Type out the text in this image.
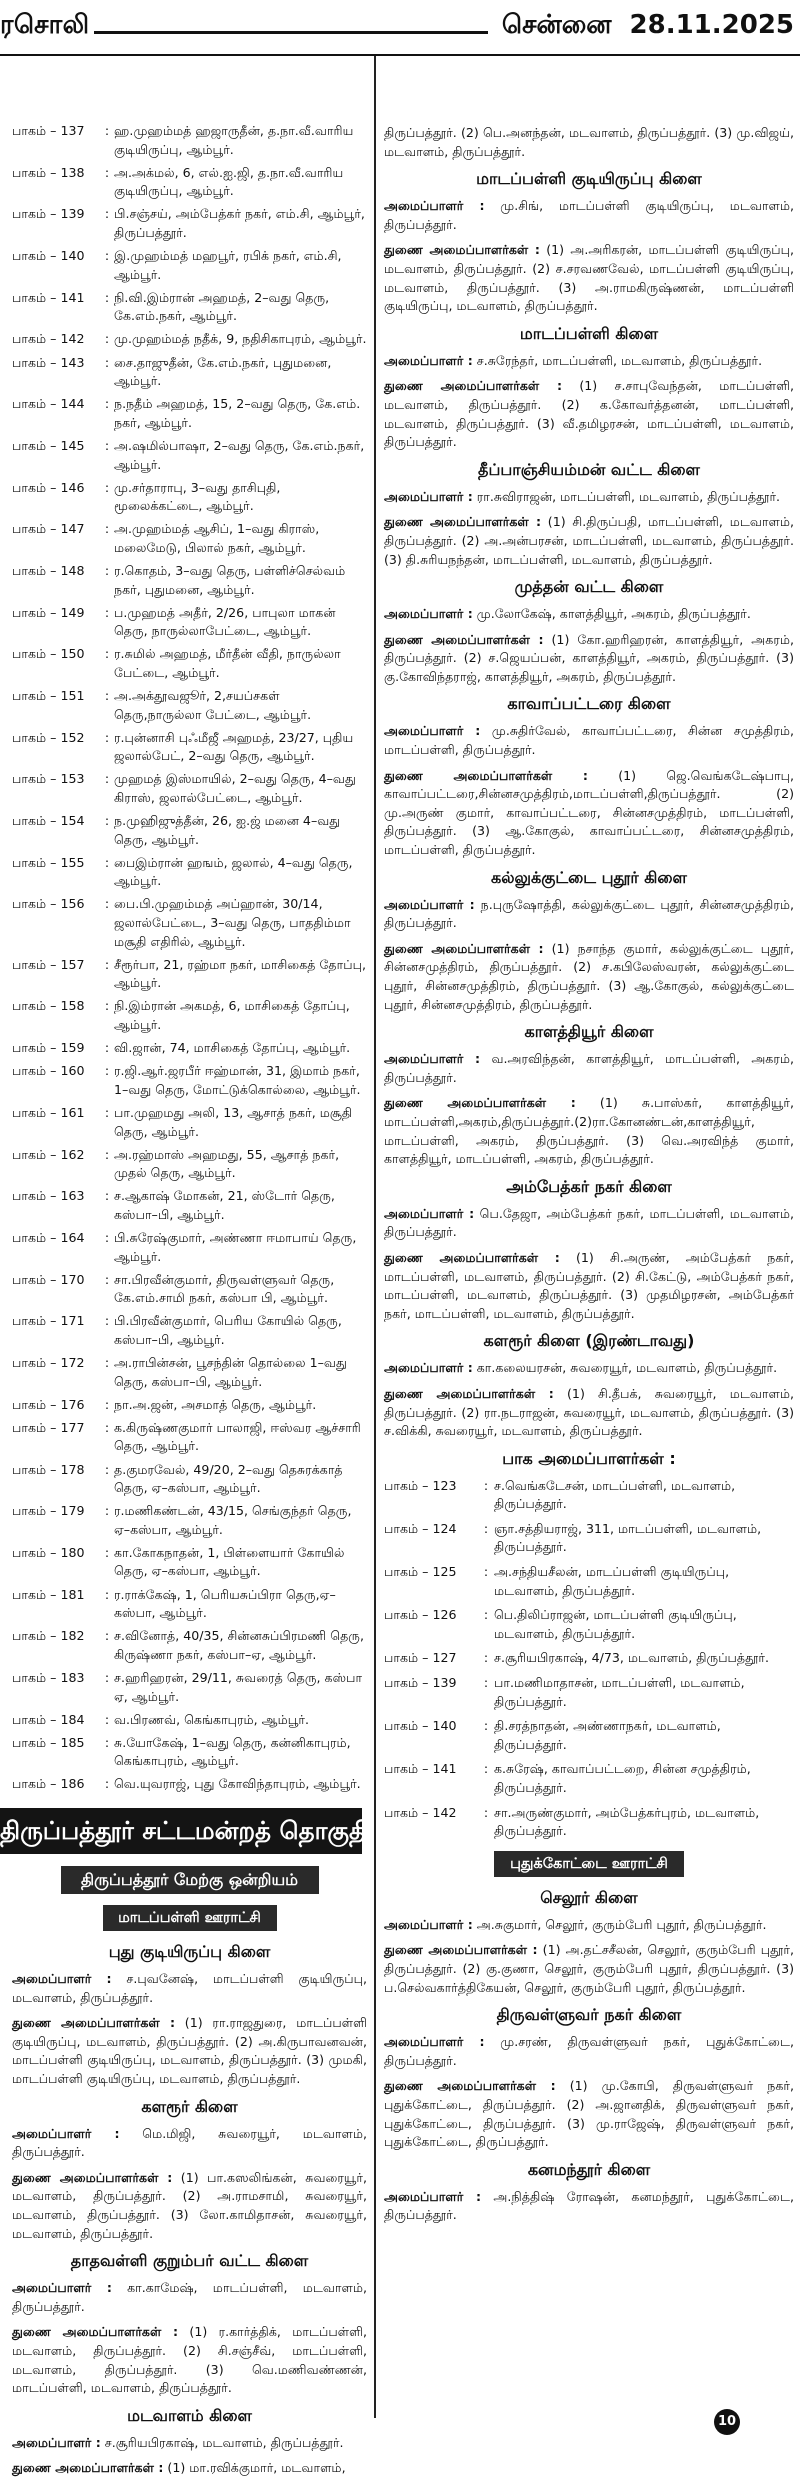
ரசொலி	சென்னை 28.11.2025
பாகம் – 137	: ஹ.முஹம்மத் ஹஜாருதீன், த.நா.வீ.வாரிய குடியிருப்பு, ஆம்பூர்.
பாகம் – 138	: அ.அக்மல், 6, எல்.ஐ.ஜி, த.நா.வீ.வாரிய குடியிருப்பு, ஆம்பூர்.
பாகம் – 139	: பி.சஞ்சய், அம்பேத்கர் நகர், எம்.சி, ஆம்பூர், திருப்பத்தூர்.
பாகம் – 140	: இ.முஹம்மத் மஹபூர், ரபிக் நகர், எம்.சி, ஆம்பூர்.
பாகம் – 141	: நி.வி.இம்ரான் அஹமத், 2–வது தெரு, கே.எம்.நகர், ஆம்பூர்.
பாகம் – 142	: மு.முஹம்மத் நதீக், 9, நதிசிகாபுரம், ஆம்பூர்.
பாகம் – 143	: சை.தாஜுதீன், கே.எம்.நகர், புதுமனை, ஆம்பூர்.
பாகம் – 144	: ந.நதீம் அஹமத், 15, 2–வது தெரு, கே.எம். நகர், ஆம்பூர்.
பாகம் – 145	: அ.ஷமில்பாஷா, 2–வது தெரு, கே.எம்.நகர், ஆம்பூர்.
பாகம் – 146	: மு.சர்தாராபு, 3–வது தாசிபுதி, மூலைக்கட்டை, ஆம்பூர்.
பாகம் – 147	: அ.முஹம்மத் ஆசிப், 1–வது கிராஸ், மலைமேடு, பிலால் நகர், ஆம்பூர்.
பாகம் – 148	: ர.கொதம், 3–வது தெரு, பள்ளிச்செல்வம் நகர், புதுமனை, ஆம்பூர்.
பாகம் – 149	: ப.முஹமத் அதீர், 2/26, பாபுலா மாகன் தெரு, நாருல்லாபேட்டை, ஆம்பூர்.
பாகம் – 150	: ர.சுமில் அஹமத், மீர்தீன் வீதி, நாருல்லா பேட்டை, ஆம்பூர்.
பாகம் – 151	: அ.அக்தூவஜூர், 2,சயப்சகள் தெரு,நாருல்லா பேட்டை, ஆம்பூர்.
பாகம் – 152	: ர.புன்னாசி புஃமீஜீ அஹமத், 23/27, புதிய ஜலால்பேட், 2–வது தெரு, ஆம்பூர்.
பாகம் – 153	: முஹமத் இஸ்மாயில், 2–வது தெரு, 4–வது கிராஸ், ஜலால்பேட்டை, ஆம்பூர்.
பாகம் – 154	: ந.முஹிஜுத்தீன், 26, ஐ.ஜ் மனை 4–வது தெரு, ஆம்பூர்.
பாகம் – 155	: பைஇம்ரான் ஹஙம், ஜலால், 4–வது தெரு, ஆம்பூர்.
பாகம் – 156	: பை.பி.முஹம்மத் அப்ஹான், 30/14, ஜலால்பேட்டை, 3–வது தெரு, பாததிம்மா மசூதி எதிரில், ஆம்பூர்.
பாகம் – 157	: சீரூர்பா, 21, ரஹ்மா நகர், மாசிகைத் தோப்பு, ஆம்பூர்.
பாகம் – 158	: நி.இம்ரான் அகமத், 6, மாசிகைத் தோப்பு, ஆம்பூர்.
பாகம் – 159	: வி.ஜான், 74, மாசிகைத் தோப்பு, ஆம்பூர்.
பாகம் – 160	: ர.ஜி.ஆர்.ஜரபீர் ஈஹ்மான், 31, இமாம் நகர், 1–வது தெரு, மோட்டுக்கொல்லை, ஆம்பூர்.
பாகம் – 161	: பா.முஹமது அலி, 13, ஆசாத் நகர், மசூதி தெரு, ஆம்பூர்.
பாகம் – 162	: அ.ரஹ்மாஸ் அஹமது, 55, ஆசாத் நகர், முதல் தெரு, ஆம்பூர்.
பாகம் – 163	: ச.ஆகாஷ் மோகன், 21, ஸ்டோர் தெரு, கஸ்பா–பி, ஆம்பூர்.
பாகம் – 164	: பி.சுரேஷ்குமார், அண்ணா ஈமாபாய் தெரு, ஆம்பூர்.
பாகம் – 170	: சா.பிரவீன்குமார், திருவள்ளுவர் தெரு, கே.எம்.சாமி நகர், கஸ்பா பி, ஆம்பூர்.
பாகம் – 171	: பி.பிரவீன்குமார், பெரிய கோயில் தெரு, கஸ்பா–பி, ஆம்பூர்.
பாகம் – 172	: அ.ராபின்சன், பூசந்தின் தொல்லை 1–வது தெரு, கஸ்பா–பி, ஆம்பூர்.
பாகம் – 176	: நா.அ.ஜன், அசமாத் தெரு, ஆம்பூர்.
பாகம் – 177	: க.கிருஷ்ணகுமார் பாலாஜி, ஈஸ்வர ஆச்சாரி தெரு, ஆம்பூர்.
பாகம் – 178	: த.குமரவேல், 49/20, 2–வது தெசுரக்காத் தெரு, ஏ–கஸ்பா, ஆம்பூர்.
பாகம் – 179	: ர.மணிகண்டன், 43/15, செங்குந்தர் தெரு, ஏ–கஸ்பா, ஆம்பூர்.
பாகம் – 180	: கா.கோகநாதன், 1, பிள்ளையார் கோயில் தெரு, ஏ–கஸ்பா, ஆம்பூர்.
பாகம் – 181	: ர.ராக்கேஷ், 1, பெரியசுப்பிரா தெரு,ஏ–கஸ்பா, ஆம்பூர்.
பாகம் – 182	: ச.வினோத், 40/35, சின்னசுப்பிரமணி தெரு, கிருஷ்ணா நகர், கஸ்பா–ஏ, ஆம்பூர்.
பாகம் – 183	: ச.ஹரிஹரன், 29/11, சுவரைத் தெரு, கஸ்பா ஏ, ஆம்பூர்.
பாகம் – 184	: வ.பிரணவ், கெங்காபுரம், ஆம்பூர்.
பாகம் – 185	: சு.யோகேஷ், 1–வது தெரு, கன்னிகாபுரம், கெங்காபுரம், ஆம்பூர்.
பாகம் – 186	: வெ.யுவராஜ், புது கோவிந்தாபுரம், ஆம்பூர்.
திருப்பத்தூர் சட்டமன்றத் தொகுதி
திருப்பத்தூர் மேற்கு ஒன்றியம்
மாடப்பள்ளி ஊராட்சி
புது குடியிருப்பு கிளை
அமைப்பாளர் : ச.புவனேஷ், மாடப்பள்ளி குடியிருப்பு, மடவாளம், திருப்பத்தூர்.
துணை அமைப்பாளர்கள் : (1) ரா.ராஜதுரை, மாடப்பள்ளி குடியிருப்பு, மடவாளம், திருப்பத்தூர். (2) அ.கிருபாவனவன், மாடப்பள்ளி குடியிருப்பு, மடவாளம், திருப்பத்தூர். (3) முமகி, மாடப்பள்ளி குடியிருப்பு, மடவாளம், திருப்பத்தூர்.
களரூர் கிளை
அமைப்பாளர் : மெ.மிஜி, சுவரையூர், மடவாளம், திருப்பத்தூர்.
துணை அமைப்பாளர்கள் : (1) பா.கஸலிங்கன், சுவரையூர், மடவாளம், திருப்பத்தூர். (2) அ.ராமசாமி, சுவரையூர், மடவாளம், திருப்பத்தூர். (3) லோ.காமிதாசன், சுவரையூர், மடவாளம், திருப்பத்தூர்.
தாதவள்ளி குறும்பர் வட்ட கிளை
அமைப்பாளர் : கா.காமேஷ், மாடப்பள்ளி, மடவாளம், திருப்பத்தூர்.
துணை அமைப்பாளர்கள் : (1) ர.கார்த்திக், மாடப்பள்ளி, மடவாளம், திருப்பத்தூர். (2) சி.சஞ்சீவ், மாடப்பள்ளி, மடவாளம், திருப்பத்தூர். (3) வெ.மணிவண்ணன், மாடப்பள்ளி, மடவாளம், திருப்பத்தூர்.
மடவாளம் கிளை
அமைப்பாளர் : ச.சூரியபிரகாஷ், மடவாளம், திருப்பத்தூர்.
துணை அமைப்பாளர்கள் : (1) மா.ரவிக்குமார், மடவாளம்,
திருப்பத்தூர். (2) பெ.அனந்தன், மடவாளம், திருப்பத்தூர். (3) மு.விஜய், மடவாளம், திருப்பத்தூர்.
மாடப்பள்ளி குடியிருப்பு கிளை
அமைப்பாளர் : மு.சிங், மாடப்பள்ளி குடியிருப்பு, மடவாளம், திருப்பத்தூர்.
துணை அமைப்பாளர்கள் : (1) அ.அரிகரன், மாடப்பள்ளி குடியிருப்பு, மடவாளம், திருப்பத்தூர். (2) ச.சரவணவேல், மாடப்பள்ளி குடியிருப்பு, மடவாளம், திருப்பத்தூர். (3) அ.ராமகிருஷ்ணன், மாடப்பள்ளி குடியிருப்பு, மடவாளம், திருப்பத்தூர்.
மாடப்பள்ளி கிளை
அமைப்பாளர் : ச.சுரேந்தர், மாடப்பள்ளி, மடவாளம், திருப்பத்தூர்.
துணை அமைப்பாளர்கள் : (1) ச.சாபுவேந்தன், மாடப்பள்ளி, மடவாளம், திருப்பத்தூர். (2) க.கோவர்த்தனன், மாடப்பள்ளி, மடவாளம், திருப்பத்தூர். (3) வீ.தமிழரசன், மாடப்பள்ளி, மடவாளம், திருப்பத்தூர்.
தீப்பாஞ்சியம்மன் வட்ட கிளை
அமைப்பாளர் : ரா.சுவிராஜன், மாடப்பள்ளி, மடவாளம், திருப்பத்தூர்.
துணை அமைப்பாளர்கள் : (1) சி.திருப்பதி, மாடப்பள்ளி, மடவாளம், திருப்பத்தூர். (2) அ.அன்பரசன், மாடப்பள்ளி, மடவாளம், திருப்பத்தூர். (3) தி.சுரியநந்தன், மாடப்பள்ளி, மடவாளம், திருப்பத்தூர்.
முத்தன் வட்ட கிளை
அமைப்பாளர் : மு.லோகேஷ், காளத்தியூர், அகரம், திருப்பத்தூர்.
துணை அமைப்பாளர்கள் : (1) கோ.ஹரிஹரன், காளத்தியூர், அகரம், திருப்பத்தூர். (2) ச.ஜெயப்பன், காளத்தியூர், அகரம், திருப்பத்தூர். (3) கு.கோவிந்தராஜ், காளத்தியூர், அகரம், திருப்பத்தூர்.
காவாப்பட்டரை கிளை
அமைப்பாளர் : மு.சுதிர்வேல், காவாப்பட்டரை, சின்ன சமுத்திரம், மாடப்பள்ளி, திருப்பத்தூர்.
துணை அமைப்பாளர்கள் : (1) ஜெ.வெங்கடேஷ்பாபு, காவாப்பட்டரை,சின்னசமுத்திரம்,மாடப்பள்ளி,திருப்பத்தூர். (2) மு.அருண் குமார், காவாப்பட்டரை, சின்னசமுத்திரம், மாடப்பள்ளி, திருப்பத்தூர். (3) ஆ.கோகுல், காவாப்பட்டரை, சின்னசமுத்திரம், மாடப்பள்ளி, திருப்பத்தூர்.
கல்லுக்குட்டை புதூர் கிளை
அமைப்பாளர் : ந.புருஷோத்தி, கல்லுக்குட்டை புதூர், சின்னசமுத்திரம், திருப்பத்தூர்.
துணை அமைப்பாளர்கள் : (1) நசாந்த குமார், கல்லுக்குட்டை புதூர், சின்னசமுத்திரம், திருப்பத்தூர். (2) ச.கபிலேஸ்வரன், கல்லுக்குட்டை புதூர், சின்னசமுத்திரம், திருப்பத்தூர். (3) ஆ.கோகுல், கல்லுக்குட்டை புதூர், சின்னசமுத்திரம், திருப்பத்தூர்.
காளத்தியூர் கிளை
அமைப்பாளர் : வ.அரவிந்தன், காளத்தியூர், மாடப்பள்ளி, அகரம், திருப்பத்தூர்.
துணை அமைப்பாளர்கள் : (1) சு.பாஸ்கர், காளத்தியூர், மாடப்பள்ளி,அகரம்,திருப்பத்தூர்.(2)ரா.கோனண்டன்,காளத்தியூர், மாடப்பள்ளி, அகரம், திருப்பத்தூர். (3) வெ.அரவிந்த் குமார், காளத்தியூர், மாடப்பள்ளி, அகரம், திருப்பத்தூர்.
அம்பேத்கர் நகர் கிளை
அமைப்பாளர் : பெ.தேஜா, அம்பேத்கர் நகர், மாடப்பள்ளி, மடவாளம், திருப்பத்தூர்.
துணை அமைப்பாளர்கள் : (1) சி.அருண், அம்பேத்கர் நகர், மாடப்பள்ளி, மடவாளம், திருப்பத்தூர். (2) சி.கேட்டு, அம்பேத்கர் நகர், மாடப்பள்ளி, மடவாளம், திருப்பத்தூர். (3) முதமிழரசன், அம்பேத்கர் நகர், மாடப்பள்ளி, மடவாளம், திருப்பத்தூர்.
களரூர் கிளை (இரண்டாவது)
அமைப்பாளர் : கா.கலையரசன், சுவரையூர், மடவாளம், திருப்பத்தூர்.
துணை அமைப்பாளர்கள் : (1) சி.தீபக், சுவரையூர், மடவாளம், திருப்பத்தூர். (2) ரா.நடராஜன், சுவரையூர், மடவாளம், திருப்பத்தூர். (3) ச.விக்கி, சுவரையூர், மடவாளம், திருப்பத்தூர்.
பாக அமைப்பாளர்கள் :
பாகம் – 123	: ச.வெங்கடேசன், மாடப்பள்ளி, மடவாளம், திருப்பத்தூர்.
பாகம் – 124	: ஞா.சத்தியராஜ், 311, மாடப்பள்ளி, மடவாளம், திருப்பத்தூர்.
பாகம் – 125	: அ.சந்தியசீலன், மாடப்பள்ளி குடியிருப்பு, மடவாளம், திருப்பத்தூர்.
பாகம் – 126	: பெ.திலிப்ராஜன், மாடப்பள்ளி குடியிருப்பு, மடவாளம், திருப்பத்தூர்.
பாகம் – 127	: ச.சூரியபிரகாஷ், 4/73, மடவாளம், திருப்பத்தூர்.
பாகம் – 139	: பா.மணிமாதாசன், மாடப்பள்ளி, மடவாளம், திருப்பத்தூர்.
பாகம் – 140	: தி.சரத்நாதன், அண்ணாநகர், மடவாளம், திருப்பத்தூர்.
பாகம் – 141	: க.சுரேஷ், காவாப்பட்டறை, சின்ன சமுத்திரம், திருப்பத்தூர்.
பாகம் – 142	: சா.அருண்குமார், அம்பேத்கர்புரம், மடவாளம், திருப்பத்தூர்.
புதுக்கோட்டை ஊராட்சி
செலூர் கிளை
அமைப்பாளர் : அ.சுகுமார், செலூர், குரும்பேரி புதூர், திருப்பத்தூர்.
துணை அமைப்பாளர்கள் : (1) அ.தட்சசீலன், செலூர், குரும்பேரி புதூர், திருப்பத்தூர். (2) கு.குணா, செலூர், குரும்பேரி புதூர், திருப்பத்தூர். (3) ப.செல்வகார்த்திகேயன், செலூர், குரும்பேரி புதூர், திருப்பத்தூர்.
திருவள்ளுவர் நகர் கிளை
அமைப்பாளர் : மு.சரண், திருவள்ளுவர் நகர், புதுக்கோட்டை, திருப்பத்தூர்.
துணை அமைப்பாளர்கள் : (1) மு.கோபி, திருவள்ளுவர் நகர், புதுக்கோட்டை, திருப்பத்தூர். (2) அ.ஜானதிக், திருவள்ளுவர் நகர், புதுக்கோட்டை, திருப்பத்தூர். (3) மு.ராஜேஷ், திருவள்ளுவர் நகர், புதுக்கோட்டை, திருப்பத்தூர்.
கனமந்தூர் கிளை
அமைப்பாளர் : அ.நித்திஷ் ரோஷன், கனமந்தூர், புதுக்கோட்டை, திருப்பத்தூர்.
10
